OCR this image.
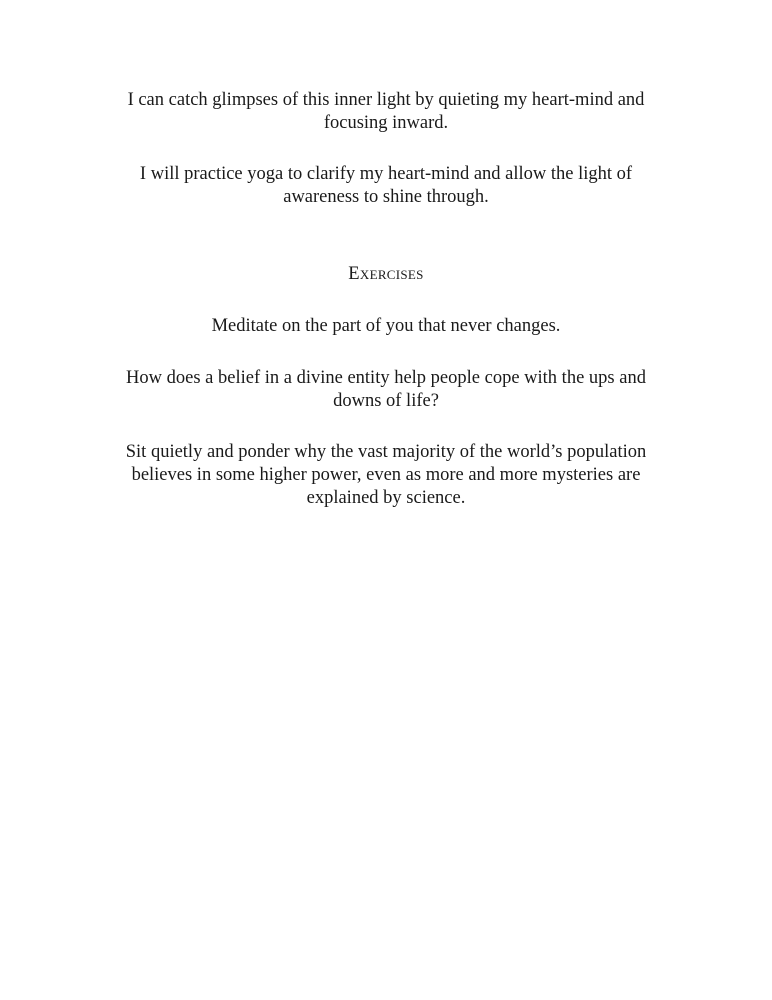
I can catch glimpses of this inner light by quieting my heart-mind and focusing inward.

I will practice yoga to clarify my heart-mind and allow the light of awareness to shine through.

Exercises

Meditate on the part of you that never changes.

How does a belief in a divine entity help people cope with the ups and downs of life?

Sit quietly and ponder why the vast majority of the world’s population believes in some higher power, even as more and more mysteries are explained by science.
